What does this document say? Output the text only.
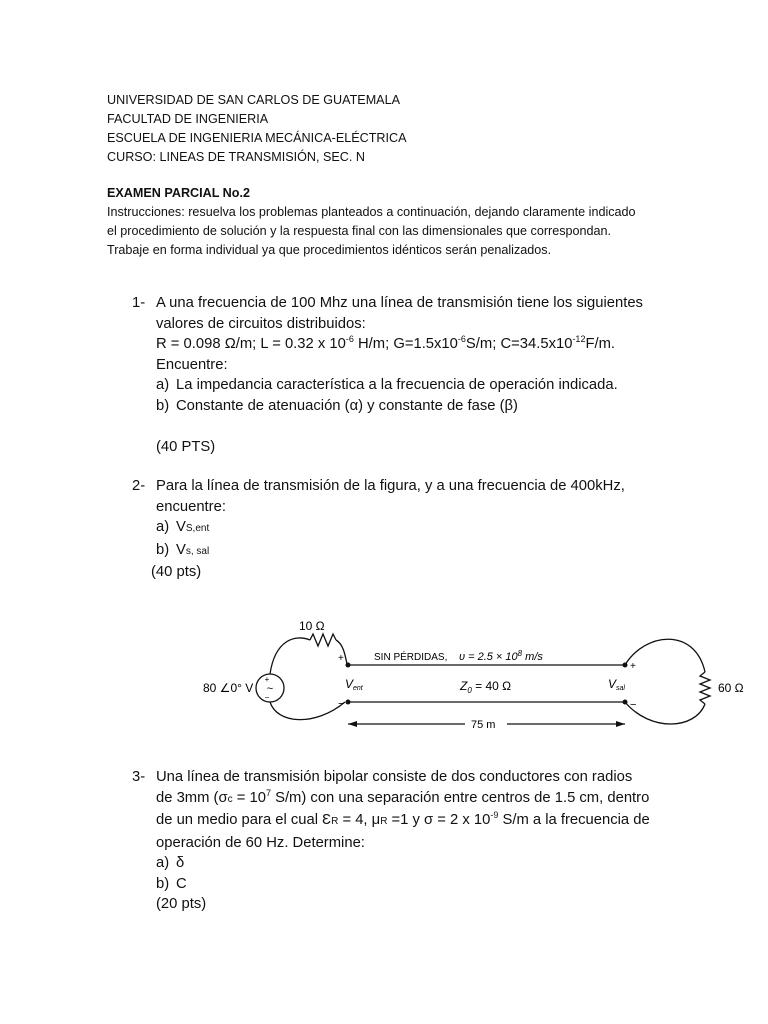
UNIVERSIDAD DE SAN CARLOS DE GUATEMALA
FACULTAD DE INGENIERIA
ESCUELA DE INGENIERIA MECÁNICA-ELÉCTRICA
CURSO: LINEAS DE TRANSMISIÓN, SEC. N
EXAMEN PARCIAL No.2
Instrucciones: resuelva los problemas planteados a continuación, dejando claramente indicado el procedimiento de solución y la respuesta final con las dimensionales que correspondan. Trabaje en forma individual ya que procedimientos idénticos serán penalizados.
1- A una frecuencia de 100 Mhz una línea de transmisión tiene los siguientes
valores de circuitos distribuidos:
R = 0.098 Ω/m; L = 0.32 x $10^{-6}$ H/m; $G=1.5x10^{-6}S/m$; $C=34.5x10^{-12}F/m$.
Encuentre:
a) La impedancia característica a la frecuencia de operación indicada.
b) Constante de atenuación (α) y constante de fase (β)
(40 PTS)
2- Para la línea de transmisión de la figura, y a una frecuencia de 400kHz,
encuentre:
a) VS,ent
b) Vs, sal
(40 pts)
10 Ω
80 ∠0° V
+
~
−
SIN PÉRDIDAS, $\upsilon = 2.5 \times 10^8$ m/s
+
−
Vent	$Z_0 = 40$ Ω
+
−
Vsal	60 Ω
75 m
3- Una línea de transmisión bipolar consiste de dos conductores con radios
de 3mm ($\sigma c = 10^7$ S/m) con una separación entre centros de 1.5 cm, dentro
de un medio para el cual ƐR = 4, μR =1 y σ = 2 x $10^{-9}$ S/m a la frecuencia de
operación de 60 Hz. Determine:
a) δ
b) C
(20 pts)
